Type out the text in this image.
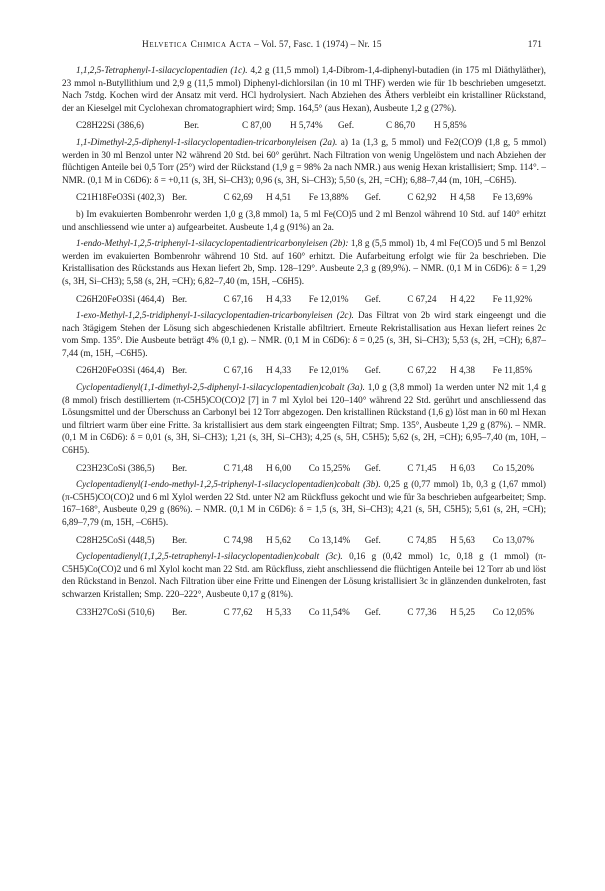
Helvetica Chimica Acta – Vol. 57, Fasc. 1 (1974) – Nr. 15	171

1,1,2,5-Tetraphenyl-1-silacyclopentadien (1c). 4,2 g (11,5 mmol) 1,4-Dibrom-1,4-diphenyl-butadien (in 175 ml Diäthyläther), 23 mmol n-Butyllithium und 2,9 g (11,5 mmol) Diphenyl-dichlorsilan (in 10 ml THF) werden wie für 1b beschrieben umgesetzt. Nach 7stdg. Kochen wird der Ansatz mit verd. HCl hydrolysiert. Nach Abziehen des Äthers verbleibt ein kristalliner Rückstand, der an Kieselgel mit Cyclohexan chromatographiert wird; Smp. 164,5° (aus Hexan), Ausbeute 1,2 g (27%).

C28H22Si (386,6)	Ber.	C 87,00	H 5,74%	Gef.	C 86,70	H 5,85%

1,1-Dimethyl-2,5-diphenyl-1-silacyclopentadien-tricarbonyleisen (2a). a) 1a (1,3 g, 5 mmol) und Fe2(CO)9 (1,8 g, 5 mmol) werden in 30 ml Benzol unter N2 während 20 Std. bei 60° gerührt. Nach Filtration von wenig Ungelöstem und nach Abziehen der flüchtigen Anteile bei 0,5 Torr (25°) wird der Rückstand (1,9 g = 98% 2a nach NMR.) aus wenig Hexan kristallisiert; Smp. 114°. – NMR. (0,1 M in C6D6): δ = +0,11 (s, 3H, Si–CH3); 0,96 (s, 3H, Si–CH3); 5,50 (s, 2H, =CH); 6,88–7,44 (m, 10H, –C6H5).

C21H18FeO3Si (402,3) Ber.	C 62,69	H 4,51	Fe 13,88%	Gef.	C 62,92	H 4,58	Fe 13,69%

b) Im evakuierten Bombenrohr werden 1,0 g (3,8 mmol) 1a, 5 ml Fe(CO)5 und 2 ml Benzol während 10 Std. auf 140° erhitzt und anschliessend wie unter a) aufgearbeitet. Ausbeute 1,4 g (91%) an 2a.

1-endo-Methyl-1,2,5-triphenyl-1-silacyclopentadientricarbonyleisen (2b): 1,8 g (5,5 mmol) 1b, 4 ml Fe(CO)5 und 5 ml Benzol werden im evakuierten Bombenrohr während 10 Std. auf 160° erhitzt. Die Aufarbeitung erfolgt wie für 2a beschrieben. Die Kristallisation des Rückstands aus Hexan liefert 2b, Smp. 128–129°. Ausbeute 2,3 g (89,9%). – NMR. (0,1 M in C6D6): δ = 1,29 (s, 3H, Si–CH3); 5,58 (s, 2H, =CH); 6,82–7,40 (m, 15H, –C6H5).

C26H20FeO3Si (464,4) Ber.	C 67,16	H 4,33	Fe 12,01%	Gef.	C 67,24	H 4,22	Fe 11,92%

1-exo-Methyl-1,2,5-tridiphenyl-1-silacyclopentadien-tricarbonyleisen (2c). Das Filtrat von 2b wird stark eingeengt und die nach 3tägigem Stehen der Lösung sich abgeschiedenen Kristalle abfiltriert. Erneute Rekristallisation aus Hexan liefert reines 2c vom Smp. 135°. Die Ausbeute beträgt 4% (0,1 g). – NMR. (0,1 M in C6D6): δ = 0,25 (s, 3H, Si–CH3); 5,53 (s, 2H, =CH); 6,87–7,44 (m, 15H, –C6H5).

C26H20FeO3Si (464,4) Ber.	C 67,16	H 4,33	Fe 12,01%	Gef.	C 67,22	H 4,38	Fe 11,85%

Cyclopentadienyl(1,1-dimethyl-2,5-diphenyl-1-silacyclopentadien)cobalt (3a). 1,0 g (3,8 mmol) 1a werden unter N2 mit 1,4 g (8 mmol) frisch destilliertem (π-C5H5)CO(CO)2 [7] in 7 ml Xylol bei 120–140° während 22 Std. gerührt und anschliessend das Lösungsmittel und der Überschuss an Carbonyl bei 12 Torr abgezogen. Den kristallinen Rückstand (1,6 g) löst man in 60 ml Hexan und filtriert warm über eine Fritte. 3a kristallisiert aus dem stark eingeengten Filtrat; Smp. 135°, Ausbeute 1,29 g (87%). – NMR. (0,1 M in C6D6): δ = 0,01 (s, 3H, Si–CH3); 1,21 (s, 3H, Si–CH3); 4,25 (s, 5H, C5H5); 5,62 (s, 2H, =CH); 6,95–7,40 (m, 10H, –C6H5).

C23H23CoSi (386,5)	Ber.	C 71,48	H 6,00	Co 15,25%	Gef.	C 71,45	H 6,03	Co 15,20%

Cyclopentadienyl(1-endo-methyl-1,2,5-triphenyl-1-silacyclopentadien)cobalt (3b). 0,25 g (0,77 mmol) 1b, 0,3 g (1,67 mmol) (π-C5H5)CO(CO)2 und 6 ml Xylol werden 22 Std. unter N2 am Rückfluss gekocht und wie für 3a beschrieben aufgearbeitet; Smp. 167–168°, Ausbeute 0,29 g (86%). – NMR. (0,1 M in C6D6): δ = 1,5 (s, 3H, Si–CH3); 4,21 (s, 5H, C5H5); 5,61 (s, 2H, =CH); 6,89–7,79 (m, 15H, –C6H5).

C28H25CoSi (448,5)	Ber.	C 74,98	H 5,62	Co 13,14%	Gef.	C 74,85	H 5,63	Co 13,07%

Cyclopentadienyl(1,1,2,5-tetraphenyl-1-silacyclopentadien)cobalt (3c). 0,16 g (0,42 mmol) 1c, 0,18 g (1 mmol) (π-C5H5)Co(CO)2 und 6 ml Xylol kocht man 22 Std. am Rückfluss, zieht anschliessend die flüchtigen Anteile bei 12 Torr ab und löst den Rückstand in Benzol. Nach Filtration über eine Fritte und Einengen der Lösung kristallisiert 3c in glänzenden dunkelroten, fast schwarzen Kristallen; Smp. 220–222°, Ausbeute 0,17 g (81%).

C33H27CoSi (510,6)	Ber.	C 77,62	H 5,33	Co 11,54%	Gef.	C 77,36	H 5,25	Co 12,05%
